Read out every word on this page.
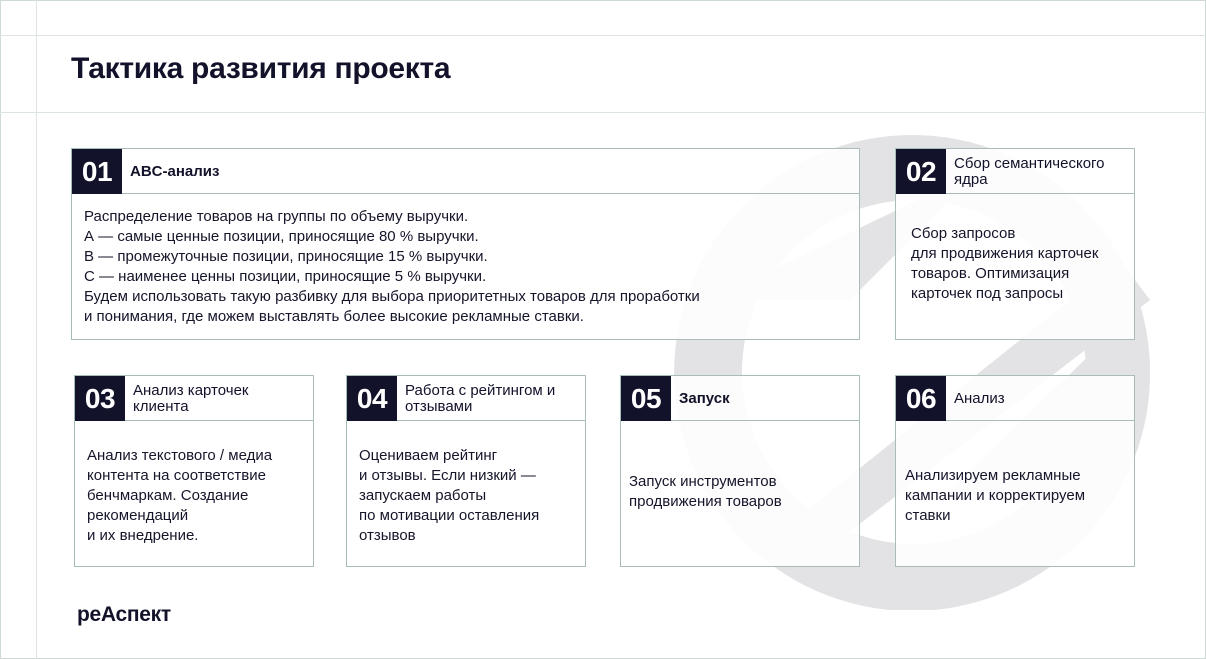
Тактика развития проекта
01	ABC-анализ
Распределение товаров на группы по объему выручки.
А — самые ценные позиции, приносящие 80 % выручки.
B — промежуточные позиции, приносящие 15 % выручки.
C — наименее ценны позиции, приносящие 5 % выручки.
Будем использовать такую разбивку для выбора приоритетных товаров для проработки
и понимания, где можем выставлять более высокие рекламные ставки.
02	Сбор семантического ядра
Сбор запросов
для продвижения карточек
товаров. Оптимизация
карточек под запросы
03	Анализ карточек клиента
Анализ текстового / медиа
контента на соответствие
бенчмаркам. Создание
рекомендаций
и их внедрение.
04	Работа с рейтингом и отзывами
Оцениваем рейтинг
и отзывы. Если низкий —
запускаем работы
по мотивации оставления
отзывов
05	Запуск
Запуск инструментов
продвижения товаров
06	Анализ
Анализируем рекламные
кампании и корректируем
ставки
реАспект
